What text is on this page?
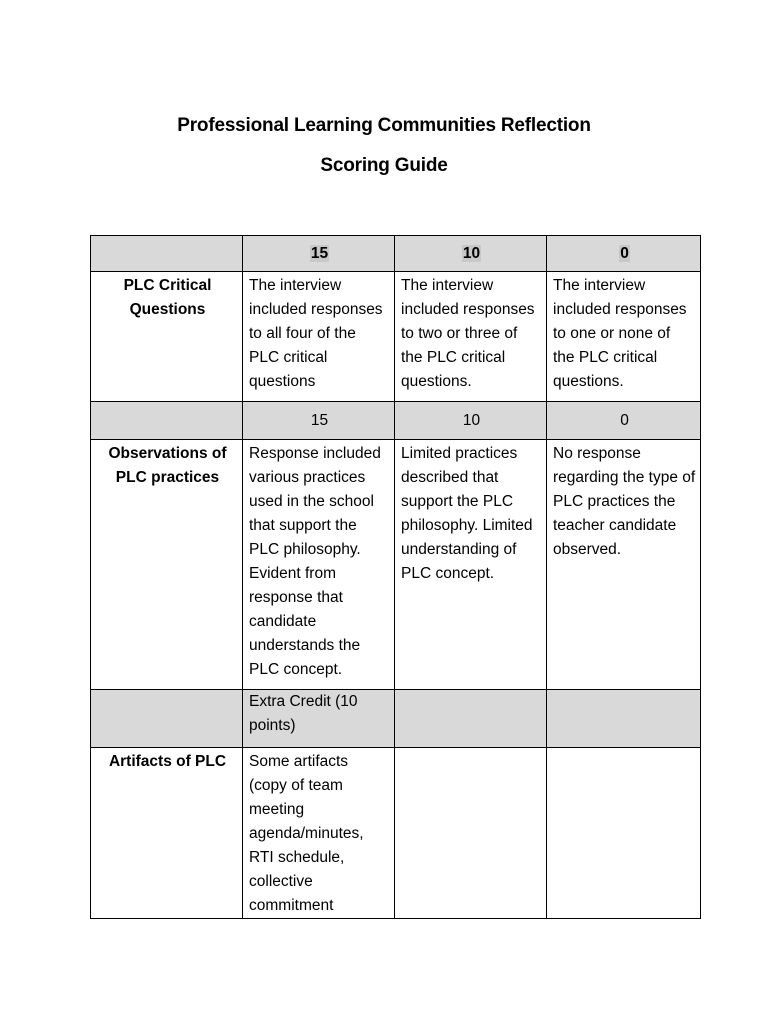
Professional Learning Communities Reflection
Scoring Guide
	15	10	0
PLC Critical Questions	The interview included responses to all four of the PLC critical questions	The interview included responses to two or three of the PLC critical questions.	The interview included responses to one or none of the PLC critical questions.
	15	10	0
Observations of PLC practices	Response included various practices used in the school that support the PLC philosophy. Evident from response that candidate understands the PLC concept.	Limited practices described that support the PLC philosophy. Limited understanding of PLC concept.	No response regarding the type of PLC practices the teacher candidate observed.
	Extra Credit (10 points)		
Artifacts of PLC	Some artifacts (copy of team meeting agenda/minutes, RTI schedule, collective commitment		
